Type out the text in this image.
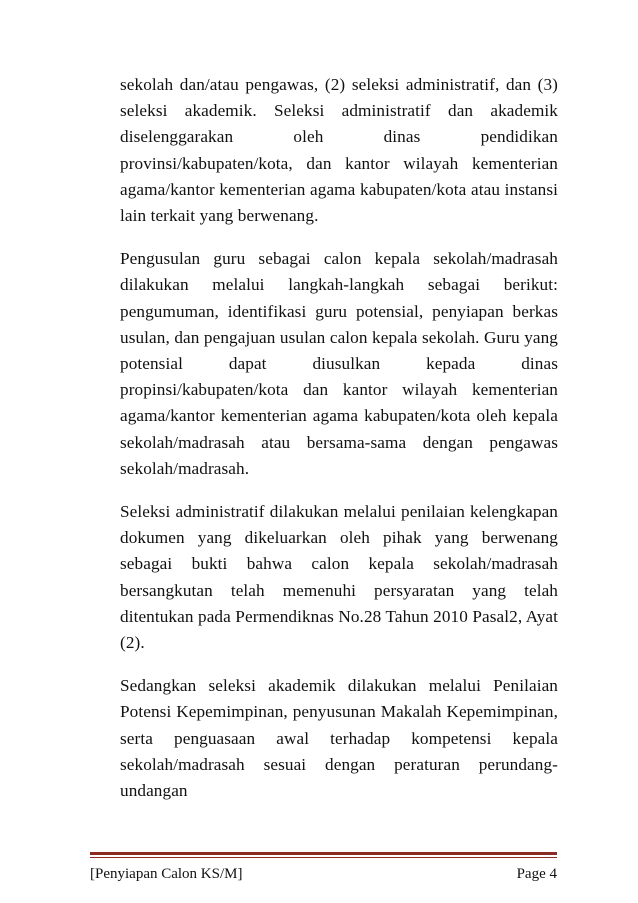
sekolah dan/atau pengawas, (2) seleksi administratif, dan (3) seleksi akademik. Seleksi administratif dan akademik diselenggarakan oleh dinas pendidikan provinsi/kabupaten/kota, dan kantor wilayah kementerian agama/kantor kementerian agama kabupaten/kota atau instansi lain terkait yang berwenang.

Pengusulan guru sebagai calon kepala sekolah/madrasah dilakukan melalui langkah-langkah sebagai berikut: pengumuman, identifikasi guru potensial, penyiapan berkas usulan, dan pengajuan usulan calon kepala sekolah. Guru yang potensial dapat diusulkan kepada dinas propinsi/kabupaten/kota dan kantor wilayah kementerian agama/kantor kementerian agama kabupaten/kota oleh kepala sekolah/madrasah atau bersama-sama dengan pengawas sekolah/madrasah.

Seleksi administratif dilakukan melalui penilaian kelengkapan dokumen yang dikeluarkan oleh pihak yang berwenang sebagai bukti bahwa calon kepala sekolah/madrasah bersangkutan telah memenuhi persyaratan yang telah ditentukan pada Permendiknas No.28 Tahun 2010 Pasal2, Ayat (2).

Sedangkan seleksi akademik dilakukan melalui Penilaian Potensi Kepemimpinan, penyusunan Makalah Kepemimpinan, serta penguasaan awal terhadap kompetensi kepala sekolah/madrasah sesuai dengan peraturan perundang-undangan

[Penyiapan Calon KS/M]	Page 4
